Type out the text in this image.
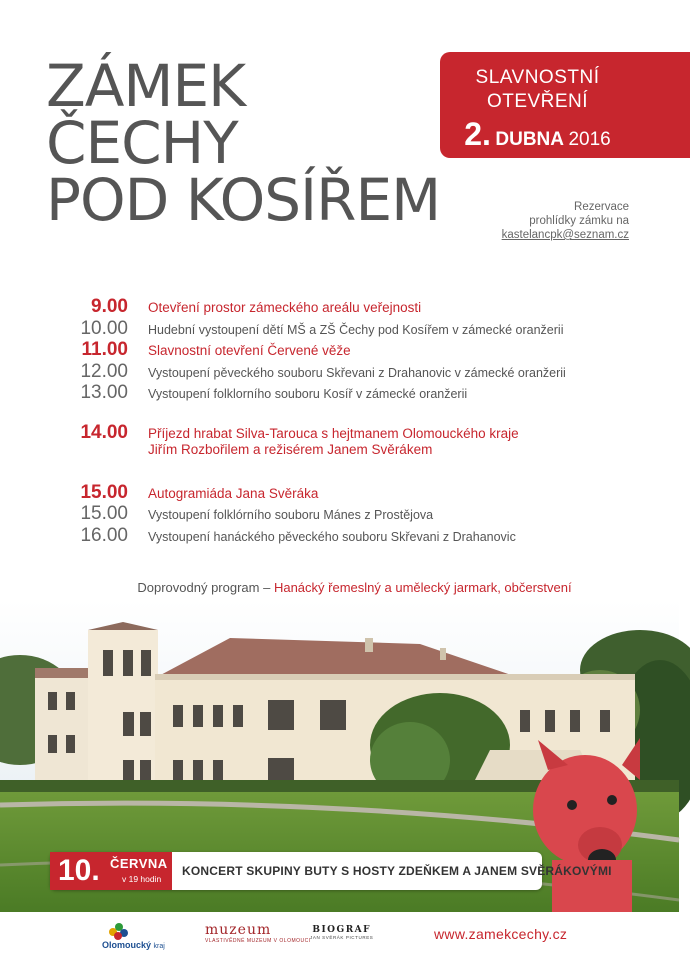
ZÁMEK
ČECHY
POD KOSÍŘEM
SLAVNOSTNÍ
OTEVŘENÍ
2. DUBNA 2016
Rezervace
prohlídky zámku na
kastelancpk@seznam.cz
9.00 Otevření prostor zámeckého areálu veřejnosti
10.00 Hudební vystoupení dětí MŠ a ZŠ Čechy pod Kosířem v zámecké oranžerii
11.00 Slavnostní otevření Červené věže
12.00 Vystoupení pěveckého souboru Skřevani z Drahanovic v zámecké oranžerii
13.00 Vystoupení folklorního souboru Kosíř v zámecké oranžerii
14.00 Příjezd hrabat Silva-Tarouca s hejtmanem Olomouckého kraje
Jiřím Rozbořilem a režisérem Janem Svěrákem
15.00 Autogramiáda Jana Svěráka
15.00 Vystoupení folklórního souboru Mánes z Prostějova
16.00 Vystoupení hanáckého pěveckého souboru Skřevani z Drahanovic
Doprovodný program – Hanácký řemeslný a umělecký jarmark, občerstvení
10. ČERVNA
v 19 hodin
KONCERT SKUPINY BUTY S HOSTY ZDEŇKEM A JANEM SVĚRÁKOVÝMI
Olomoucký kraj
muzeum
VLASTIVĚDNÉ MUZEUM V OLOMOUCI
BIOGRAF
JAN SVĚRÁK PICTURES	www.zamekcechy.cz
